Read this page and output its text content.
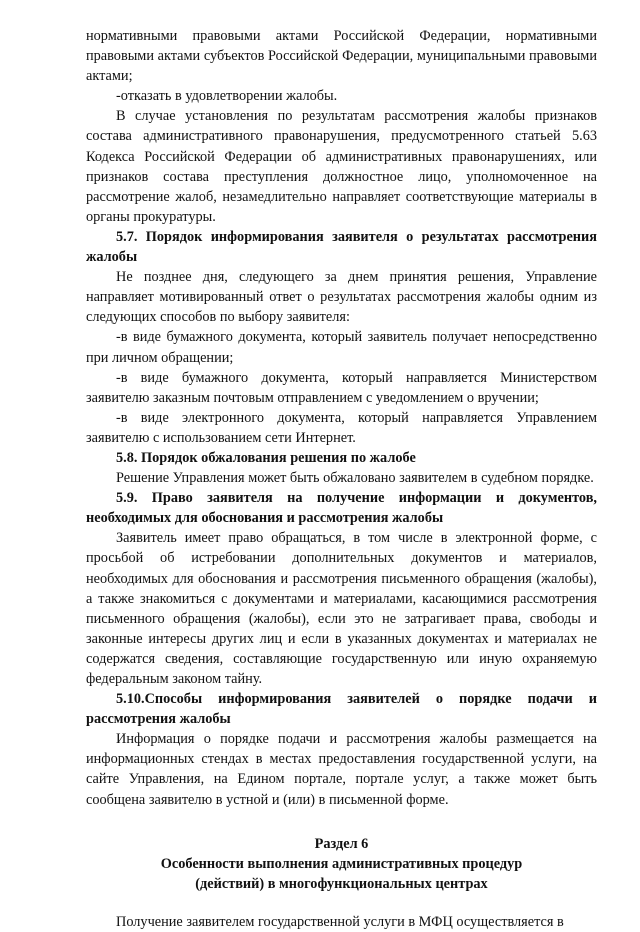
нормативными правовыми актами Российской Федерации, нормативными правовыми актами субъектов Российской Федерации, муниципальными правовыми актами;

-отказать в удовлетворении жалобы.

В случае установления по результатам рассмотрения жалобы признаков состава административного правонарушения, предусмотренного статьей 5.63 Кодекса Российской Федерации об административных правонарушениях, или признаков состава преступления должностное лицо, уполномоченное на рассмотрение жалоб, незамедлительно направляет соответствующие материалы в органы прокуратуры.

5.7. Порядок информирования заявителя о результатах рассмотрения жалобы

Не позднее дня, следующего за днем принятия решения, Управление направляет мотивированный ответ о результатах рассмотрения жалобы одним из следующих способов по выбору заявителя:

-в виде бумажного документа, который заявитель получает непосредственно при личном обращении;

-в виде бумажного документа, который направляется Министерством заявителю заказным почтовым отправлением с уведомлением о вручении;

-в виде электронного документа, который направляется Управлением заявителю с использованием сети Интернет.

5.8. Порядок обжалования решения по жалобе

Решение Управления может быть обжаловано заявителем в судебном порядке.

5.9. Право заявителя на получение информации и документов, необходимых для обоснования и рассмотрения жалобы

Заявитель имеет право обращаться, в том числе в электронной форме, с просьбой об истребовании дополнительных документов и материалов, необходимых для обоснования и рассмотрения письменного обращения (жалобы), а также знакомиться с документами и материалами, касающимися рассмотрения письменного обращения (жалобы), если это не затрагивает права, свободы и законные интересы других лиц и если в указанных документах и материалах не содержатся сведения, составляющие государственную или иную охраняемую федеральным законом тайну.

5.10.Способы информирования заявителей о порядке подачи и рассмотрения жалобы

Информация о порядке подачи и рассмотрения жалобы размещается на информационных стендах в местах предоставления государственной услуги, на сайте Управления, на Едином портале, портале услуг, а также может быть сообщена заявителю в устной и (или) в письменной форме.

Раздел 6

Особенности выполнения административных процедур

(действий) в многофункциональных центрах

Получение заявителем государственной услуги в МФЦ осуществляется в
